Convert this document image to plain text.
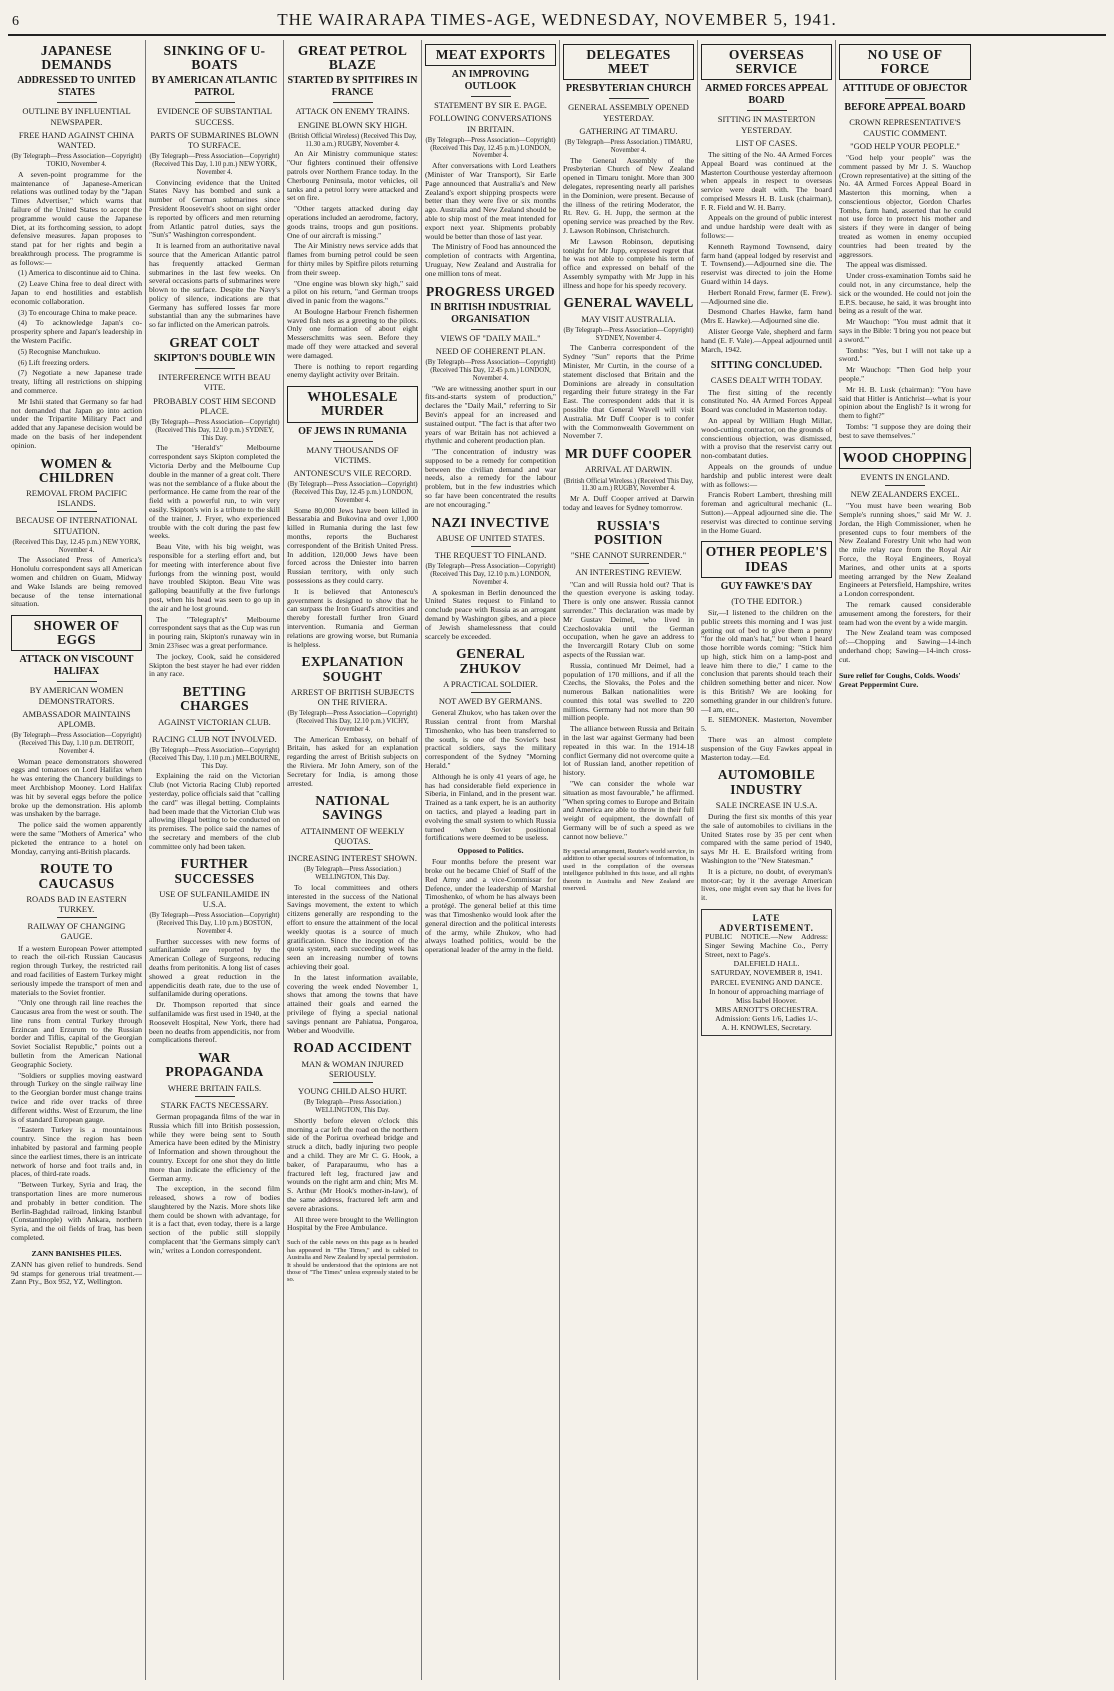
6	THE WAIRARAPA TIMES-AGE, WEDNESDAY, NOVEMBER 5, 1941.
JAPANESE DEMANDS
ADDRESSED TO UNITED STATES
OUTLINE BY INFLUENTIAL NEWSPAPER.
FREE HAND AGAINST CHINA WANTED.
(By Telegraph—Press Association—Copyright) TOKIO, November 4.

A seven-point programme for the maintenance of Japanese-American relations was outlined today by the "Japan Times Advertiser," which warns that failure of the United States to accept the programme would cause the Japanese Diet, at its forthcoming session, to adopt defensive measures. Japan proposes to stand pat for her rights and begin a breakthrough process. The programme is as follows:—

(1) America to discontinue aid to China.

(2) Leave China free to deal direct with Japan to end hostilities and establish economic collaboration.

(3) To encourage China to make peace.

(4) To acknowledge Japan's co-prosperity sphere and Japan's leadership in the Western Pacific.

(5) Recognise Manchukuo.

(6) Lift freezing orders.

(7) Negotiate a new Japanese trade treaty, lifting all restrictions on shipping and commerce.

Mr Ishii stated that Germany so far had not demanded that Japan go into action under the Tripartite Military Pact and added that any Japanese decision would be made on the basis of her independent opinion.

WOMEN & CHILDREN
REMOVAL FROM PACIFIC ISLANDS.
BECAUSE OF INTERNATIONAL SITUATION.
(Received This Day, 12.45 p.m.) NEW YORK, November 4.

The Associated Press of America's Honolulu correspondent says all American women and children on Guam, Midway and Wake Islands are being removed because of the tense international situation.

SHOWER OF EGGS
ATTACK ON VISCOUNT HALIFAX
BY AMERICAN WOMEN DEMONSTRATORS.
AMBASSADOR MAINTAINS APLOMB.
(By Telegraph—Press Association—Copyright) (Received This Day, 1.10 p.m. DETROIT, November 4.

Woman peace demonstrators showered eggs and tomatoes on Lord Halifax when he was entering the Chancery buildings to meet Archbishop Mooney. Lord Halifax was hit by several eggs before the police broke up the demonstration. His aplomb was unshaken by the barrage.

The police said the women apparently were the same "Mothers of America" who picketed the entrance to a hotel on Monday, carrying anti-British placards.

ROUTE TO CAUCASUS
ROADS BAD IN EASTERN TURKEY.
RAILWAY OF CHANGING GAUGE.

If a western European Power attempted to reach the oil-rich Russian Caucasus region through Turkey, the restricted rail and road facilities of Eastern Turkey might seriously impede the transport of men and materials to the Soviet frontier.

"Only one through rail line reaches the Caucasus area from the west or south. The line runs from central Turkey through Erzincan and Erzurum to the Russian border and Tiflis, capital of the Georgian Soviet Socialist Republic," points out a bulletin from the American National Geographic Society.

"Soldiers or supplies moving eastward through Turkey on the single railway line to the Georgian border must change trains twice and ride over tracks of three different widths. West of Erzurum, the line is of standard European gauge.

"Eastern Turkey is a mountainous country. Since the region has been inhabited by pastoral and farming people since the earliest times, there is an intricate network of horse and foot trails and, in places, of third-rate roads.

"Between Turkey, Syria and Iraq, the transportation lines are more numerous and probably in better condition. The Berlin-Baghdad railroad, linking Istanbul (Constantinople) with Ankara, northern Syria, and the oil fields of Iraq, has been completed.

ZANN BANISHES PILES.
ZANN has given relief to hundreds. Send 9d stamps for generous trial treatment.—Zann Pty., Box 952, YZ, Wellington.
SINKING OF U-BOATS
BY AMERICAN ATLANTIC PATROL
EVIDENCE OF SUBSTANTIAL SUCCESS.
PARTS OF SUBMARINES BLOWN TO SURFACE.
(By Telegraph—Press Association—Copyright) (Received This Day, 1.10 p.m.) NEW YORK, November 4.

Convincing evidence that the United States Navy has bombed and sunk a number of German submarines since President Roosevelt's shoot on sight order is reported by officers and men returning from Atlantic patrol duties, says the "Sun's" Washington correspondent.

It is learned from an authoritative naval source that the American Atlantic patrol has frequently attacked German submarines in the last few weeks. On several occasions parts of submarines were blown to the surface. Despite the Navy's policy of silence, indications are that Germany has suffered losses far more substantial than any the submarines have so far inflicted on the American patrols.

GREAT COLT
SKIPTON'S DOUBLE WIN
INTERFERENCE WITH BEAU VITE.
PROBABLY COST HIM SECOND PLACE.
(By Telegraph—Press Association—Copyright) (Received This Day, 12.10 p.m.) SYDNEY, This Day.

The "Herald's" Melbourne correspondent says Skipton completed the Victoria Derby and the Melbourne Cup double in the manner of a great colt. There was not the semblance of a fluke about the performance. He came from the rear of the field with a powerful run, to win very easily. Skipton's win is a tribute to the skill of the trainer, J. Fryer, who experienced trouble with the colt during the past few weeks.

Beau Vite, with his big weight, was responsible for a sterling effort and, but for meeting with interference about five furlongs from the winning post, would have troubled Skipton. Beau Vite was galloping beautifully at the five furlongs post, when his head was seen to go up in the air and he lost ground.

The "Telegraph's" Melbourne correspondent says that as the Cup was run in pouring rain, Skipton's runaway win in 3min 23⅞sec was a great performance.

The jockey, Cook, said he considered Skipton the best stayer he had ever ridden in any race.

BETTING CHARGES
AGAINST VICTORIAN CLUB.
RACING CLUB NOT INVOLVED.
(By Telegraph—Press Association—Copyright) (Received This Day, 1.10 p.m.) MELBOURNE, This Day.

Explaining the raid on the Victorian Club (not Victoria Racing Club) reported yesterday, police officials said that "calling the card" was illegal betting. Complaints had been made that the Victorian Club was allowing illegal betting to be conducted on its premises. The police said the names of the secretary and members of the club committee only had been taken.

FURTHER SUCCESSES
USE OF SULFANILAMIDE IN U.S.A.
(By Telegraph—Press Association—Copyright) (Received This Day, 1.10 p.m.) BOSTON, November 4.

Further successes with new forms of sulfanilamide are reported by the American College of Surgeons, reducing deaths from peritonitis. A long list of cases showed a great reduction in the appendicitis death rate, due to the use of sulfanilamide during operations.

Dr. Thompson reported that since sulfanilamide was first used in 1940, at the Roosevelt Hospital, New York, there had been no deaths from appendicitis, nor from complications thereof.

WAR PROPAGANDA
WHERE BRITAIN FAILS.
STARK FACTS NECESSARY.

German propaganda films of the war in Russia which fill into British possession, while they were being sent to South America have been edited by the Ministry of Information and shown throughout the country. Except for one shot they do little more than indicate the efficiency of the German army.

The exception, in the second film released, shows a row of bodies slaughtered by the Nazis. More shots like them could be shown with advantage, for it is a fact that, even today, there is a large section of the public still sloppily complacent that 'the Germans simply can't win,' writes a London correspondent.

GREAT PETROL BLAZE
STARTED BY SPITFIRES IN FRANCE
ATTACK ON ENEMY TRAINS.
ENGINE BLOWN SKY HIGH.
(British Official Wireless) (Received This Day, 11.30 a.m.) RUGBY, November 4.

An Air Ministry communique states: "Our fighters continued their offensive patrols over Northern France today. In the Cherbourg Peninsula, motor vehicles, oil tanks and a petrol lorry were attacked and set on fire.

"Other targets attacked during day operations included an aerodrome, factory, goods trains, troops and gun positions. One of our aircraft is missing."

The Air Ministry news service adds that flames from burning petrol could be seen for thirty miles by Spitfire pilots returning from their sweep.

"One engine was blown sky high," said a pilot on his return, "and German troops dived in panic from the wagons."

At Boulogne Harbour French fishermen waved fish nets as a greeting to the pilots. Only one formation of about eight Messerschmitts was seen. Before they made off they were attacked and several were damaged.

There is nothing to report regarding enemy daylight activity over Britain.

WHOLESALE MURDER
OF JEWS IN RUMANIA
MANY THOUSANDS OF VICTIMS.
ANTONESCU'S VILE RECORD.
(By Telegraph—Press Association—Copyright) (Received This Day, 12.45 p.m.) LONDON, November 4.

Some 80,000 Jews have been killed in Bessarabia and Bukovina and over 1,000 killed in Rumania during the last few months, reports the Bucharest correspondent of the British United Press. In addition, 120,000 Jews have been forced across the Dniester into barren Russian territory, with only such possessions as they could carry.

It is believed that Antonescu's government is designed to show that he can surpass the Iron Guard's atrocities and thereby forestall further Iron Guard intervention. Rumania and German relations are growing worse, but Rumania is helpless.

EXPLANATION SOUGHT
ARREST OF BRITISH SUBJECTS ON THE RIVIERA.
(By Telegraph—Press Association—Copyright) (Received This Day, 12.10 p.m.) VICHY, November 4.

The American Embassy, on behalf of Britain, has asked for an explanation regarding the arrest of British subjects on the Riviera. Mr John Amery, son of the Secretary for India, is among those arrested.

NATIONAL SAVINGS
ATTAINMENT OF WEEKLY QUOTAS.
INCREASING INTEREST SHOWN.
(By Telegraph—Press Association.) WELLINGTON, This Day.

To local committees and others interested in the success of the National Savings movement, the extent to which citizens generally are responding to the effort to ensure the attainment of the local weekly quotas is a source of much gratification. Since the inception of the quota system, each succeeding week has seen an increasing number of towns achieving their goal.

In the latest information available, covering the week ended November 1, shows that among the towns that have attained their goals and earned the privilege of flying a special national savings pennant are Pahiatua, Pongaroa, Weber and Woodville.

ROAD ACCIDENT
MAN & WOMAN INJURED SERIOUSLY.
YOUNG CHILD ALSO HURT.
(By Telegraph—Press Association.) WELLINGTON, This Day.

Shortly before eleven o'clock this morning a car left the road on the northern side of the Porirua overhead bridge and struck a ditch, badly injuring two people and a child. They are Mr C. G. Hook, a baker, of Paraparaumu, who has a fractured left leg, fractured jaw and wounds on the right arm and chin; Mrs M. S. Arthur (Mr Hook's mother-in-law), of the same address, fractured left arm and severe abrasions.

All three were brought to the Wellington Hospital by the Free Ambulance.

Such of the cable news on this page as is headed has appeared in "The Times," and is cabled to Australia and New Zealand by special permission. It should be understood that the opinions are not those of "The Times" unless expressly stated to be so.
MEAT EXPORTS
AN IMPROVING OUTLOOK
STATEMENT BY SIR E. PAGE.
FOLLOWING CONVERSATIONS IN BRITAIN.
(By Telegraph—Press Association—Copyright) (Received This Day, 12.45 p.m.) LONDON, November 4.

After conversations with Lord Leathers (Minister of War Transport), Sir Earle Page announced that Australia's and New Zealand's export shipping prospects were better than they were five or six months ago. Australia and New Zealand should be able to ship most of the meat intended for export next year. Shipments probably would be better than those of last year.

The Ministry of Food has announced the completion of contracts with Argentina, Uruguay, New Zealand and Australia for one million tons of meat.

PROGRESS URGED
IN BRITISH INDUSTRIAL ORGANISATION
VIEWS OF "DAILY MAIL."
NEED OF COHERENT PLAN.
(By Telegraph—Press Association—Copyright) (Received This Day, 12.45 p.m.) LONDON, November 4.

"We are witnessing another spurt in our fits-and-starts system of production," declares the "Daily Mail," referring to Sir Bevin's appeal for an increased and sustained output. "The fact is that after two years of war Britain has not achieved a rhythmic and coherent production plan.

"The concentration of industry was supposed to be a remedy for competition between the civilian demand and war needs, also a remedy for the labour problem, but in the few industries which so far have been concentrated the results are not encouraging."

NAZI INVECTIVE
ABUSE OF UNITED STATES.
THE REQUEST TO FINLAND.
(By Telegraph—Press Association—Copyright) (Received This Day, 12.10 p.m.) LONDON, November 4.

A spokesman in Berlin denounced the United States request to Finland to conclude peace with Russia as an arrogant demand by Washington gibes, and a piece of Jewish shamelessness that could scarcely be exceeded.

GENERAL ZHUKOV
A PRACTICAL SOLDIER.
NOT AWED BY GERMANS.

General Zhukov, who has taken over the Russian central front from Marshal Timoshenko, who has been transferred to the south, is one of the Soviet's best practical soldiers, says the military correspondent of the Sydney "Morning Herald."

Although he is only 41 years of age, he has had considerable field experience in Siberia, in Finland, and in the present war. Trained as a tank expert, he is an authority on tactics, and played a leading part in evolving the small system to which Russia turned when Soviet positional fortifications were deemed to be useless.

Opposed to Politics.

Four months before the present war broke out he became Chief of Staff of the Red Army and a vice-Commissar for Defence, under the leadership of Marshal Timoshenko, of whom he has always been a protégé. The general belief at this time was that Timoshenko would look after the general direction and the political interests of the army, while Zhukov, who had always loathed politics, would be the operational leader of the army in the field.

DELEGATES MEET
PRESBYTERIAN CHURCH
GENERAL ASSEMBLY OPENED YESTERDAY.
GATHERING AT TIMARU.
(By Telegraph—Press Association.) TIMARU, November 4.

The General Assembly of the Presbyterian Church of New Zealand opened in Timaru tonight. More than 300 delegates, representing nearly all parishes in the Dominion, were present. Because of the illness of the retiring Moderator, the Rt. Rev. G. H. Jupp, the sermon at the opening service was preached by the Rev. J. Lawson Robinson, Christchurch.

Mr Lawson Robinson, deputising tonight for Mr Jupp, expressed regret that he was not able to complete his term of office and expressed on behalf of the Assembly sympathy with Mr Jupp in his illness and hope for his speedy recovery.

GENERAL WAVELL
MAY VISIT AUSTRALIA.
(By Telegraph—Press Association—Copyright) SYDNEY, November 4.

The Canberra correspondent of the Sydney "Sun" reports that the Prime Minister, Mr Curtin, in the course of a statement disclosed that Britain and the Dominions are already in consultation regarding their future strategy in the Far East. The correspondent adds that it is possible that General Wavell will visit Australia. Mr Duff Cooper is to confer with the Commonwealth Government on November 7.

MR DUFF COOPER
ARRIVAL AT DARWIN.
(British Official Wireless.) (Received This Day, 11.30 a.m.) RUGBY, November 4.

Mr A. Duff Cooper arrived at Darwin today and leaves for Sydney tomorrow.

RUSSIA'S POSITION
"SHE CANNOT SURRENDER."
AN INTERESTING REVIEW.

"Can and will Russia hold out? That is the question everyone is asking today. There is only one answer. Russia cannot surrender." This declaration was made by Mr Gustav Deimel, who lived in Czechoslovakia until the German occupation, when he gave an address to the Invercargill Rotary Club on some aspects of the Russian war.

Russia, continued Mr Deimel, had a population of 170 millions, and if all the Czechs, the Slovaks, the Poles and the numerous Balkan nationalities were counted this total was swelled to 220 millions. Germany had not more than 90 million people.

The alliance between Russia and Britain in the last war against Germany had been repeated in this war. In the 1914-18 conflict Germany did not overcome quite a lot of Russian land, another repetition of history.

"We can consider the whole war situation as most favourable," he affirmed. "When spring comes to Europe and Britain and America are able to throw in their full weight of equipment, the downfall of Germany will be of such a speed as we cannot now believe."

By special arrangement, Reuter's world service, in addition to other special sources of information, is used in the compilation of the overseas intelligence published in this issue, and all rights therein in Australia and New Zealand are reserved.
OVERSEAS SERVICE
ARMED FORCES APPEAL BOARD
SITTING IN MASTERTON YESTERDAY.
LIST OF CASES.

The sitting of the No. 4A Armed Forces Appeal Board was continued at the Masterton Courthouse yesterday afternoon when appeals in respect to overseas service were dealt with. The board comprised Messrs H. B. Lusk (chairman), F. R. Field and W. H. Barry.

Appeals on the ground of public interest and undue hardship were dealt with as follows:—

Kenneth Raymond Townsend, dairy farm hand (appeal lodged by reservist and T. Townsend).—Adjourned sine die. The reservist was directed to join the Home Guard within 14 days.

Herbert Ronald Frew, farmer (E. Frew).—Adjourned sine die.

Desmond Charles Hawke, farm hand (Mrs E. Hawke).—Adjourned sine die.

Alister George Vale, shepherd and farm hand (E. F. Vale).—Appeal adjourned until March, 1942.

SITTING CONCLUDED.
CASES DEALT WITH TODAY.

The first sitting of the recently constituted No. 4A Armed Forces Appeal Board was concluded in Masterton today.

An appeal by William Hugh Millar, wood-cutting contractor, on the grounds of conscientious objection, was dismissed, with a proviso that the reservist carry out non-combatant duties.

Appeals on the grounds of undue hardship and public interest were dealt with as follows:—

Francis Robert Lambert, threshing mill foreman and agricultural mechanic (L. Sutton).—Appeal adjourned sine die. The reservist was directed to continue serving in the Home Guard.

OTHER PEOPLE'S IDEAS
GUY FAWKE'S DAY
(TO THE EDITOR.)

Sir,—I listened to the children on the public streets this morning and I was just getting out of bed to give them a penny "for the old man's hat," but when I heard those horrible words coming: "Stick him up high, stick him on a lamp-post and leave him there to die," I came to the conclusion that parents should teach their children something better and nicer. Now is this British? We are looking for something grander in our children's future.—I am, etc.,

E. SIEMONEK. Masterton, November 5.

There was an almost complete suspension of the Guy Fawkes appeal in Masterton today.—Ed.

AUTOMOBILE INDUSTRY
SALE INCREASE IN U.S.A.

During the first six months of this year the sale of automobiles to civilians in the United States rose by 35 per cent when compared with the same period of 1940, says Mr H. E. Brailsford writing from Washington to the "New Statesman."

It is a picture, no doubt, of everyman's motor-car; by it the average American lives, one might even say that he lives for it.

LATE ADVERTISEMENT.
PUBLIC NOTICE.—New Address: Singer Sewing Machine Co., Perry Street, next to Page's.
DALEFIELD HALL.
SATURDAY, NOVEMBER 8, 1941.
PARCEL EVENING AND DANCE.
In honour of approaching marriage of Miss Isabel Hoover.
MRS ARNOTT'S ORCHESTRA.
Admission: Gents 1/6, Ladies 1/-.
A. H. KNOWLES, Secretary.
NO USE OF FORCE
ATTITUDE OF OBJECTOR
BEFORE APPEAL BOARD
CROWN REPRESENTATIVE'S CAUSTIC COMMENT.
"GOD HELP YOUR PEOPLE."

"God help your people" was the comment passed by Mr J. S. Wauchop (Crown representative) at the sitting of the No. 4A Armed Forces Appeal Board in Masterton this morning, when a conscientious objector, Gordon Charles Tombs, farm hand, asserted that he could not use force to protect his mother and sisters if they were in danger of being treated as women in enemy occupied countries had been treated by the aggressors.

The appeal was dismissed.

Under cross-examination Tombs said he could not, in any circumstance, help the sick or the wounded. He could not join the E.P.S. because, he said, it was brought into being as a result of the war.

Mr Wauchop: "You must admit that it says in the Bible: 'I bring you not peace but a sword.'"

Tombs: "Yes, but I will not take up a sword."

Mr Wauchop: "Then God help your people."

Mr H. B. Lusk (chairman): "You have said that Hitler is Antichrist—what is your opinion about the English? Is it wrong for them to fight?"

Tombs: "I suppose they are doing their best to save themselves."

WOOD CHOPPING
EVENTS IN ENGLAND.
NEW ZEALANDERS EXCEL.

"You must have been wearing Bob Semple's running shoes," said Mr W. J. Jordan, the High Commissioner, when he presented cups to four members of the New Zealand Forestry Unit who had won the mile relay race from the Royal Air Force, the Royal Engineers, Royal Marines, and other units at a sports meeting arranged by the New Zealand Engineers at Petersfield, Hampshire, writes a London correspondent.

The remark caused considerable amusement among the foresters, for their team had won the event by a wide margin.

The New Zealand team was composed of:—Chopping and Sawing—14-inch underhand chop; Sawing—14-inch cross-cut.

Sure relief for Coughs, Colds. Woods' Great Peppermint Cure.
